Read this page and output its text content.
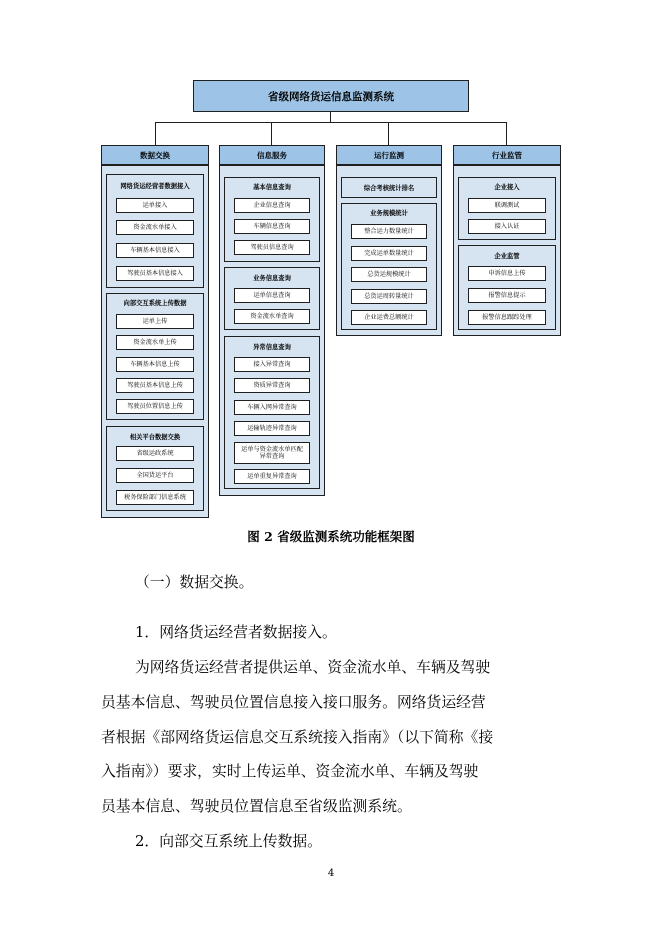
省级网络货运信息监测系统
数据交换
网络货运经营者数据接入
运单接入
资金流水单接入
车辆基本信息接入
驾驶员基本信息接入
向部交互系统上传数据
运单上传
资金流水单上传
车辆基本信息上传
驾驶员基本信息上传
驾驶员位置信息上传
相关平台数据交换
省级运政系统
全国货运平台
税务保险部门信息系统
信息服务
基本信息查询
企业信息查询
车辆信息查询
驾驶员信息查询
业务信息查询
运单信息查询
资金流水单查询
异常信息查询
接入异常查询
资质异常查询
车辆入网异常查询
运输轨迹异常查询
运单与资金流水单匹配异常查询
运单重复异常查询
运行监测
综合考核统计排名
业务规模统计
整合运力数量统计
完成运单数量统计
总货运规模统计
总货运周转量统计
企业运费总额统计
行业监管
企业接入
联调测试
接入认证
企业监管
申诉信息上传
报警信息提示
报警信息跟踪处理
图 2 省级监测系统功能框架图
（一）数据交换。
1．网络货运经营者数据接入。
为网络货运经营者提供运单、资金流水单、车辆及驾驶
员基本信息、驾驶员位置信息接入接口服务。网络货运经营
者根据《部网络货运信息交互系统接入指南》（以下简称《接
入指南》）要求，实时上传运单、资金流水单、车辆及驾驶
员基本信息、驾驶员位置信息至省级监测系统。
2．向部交互系统上传数据。
4
